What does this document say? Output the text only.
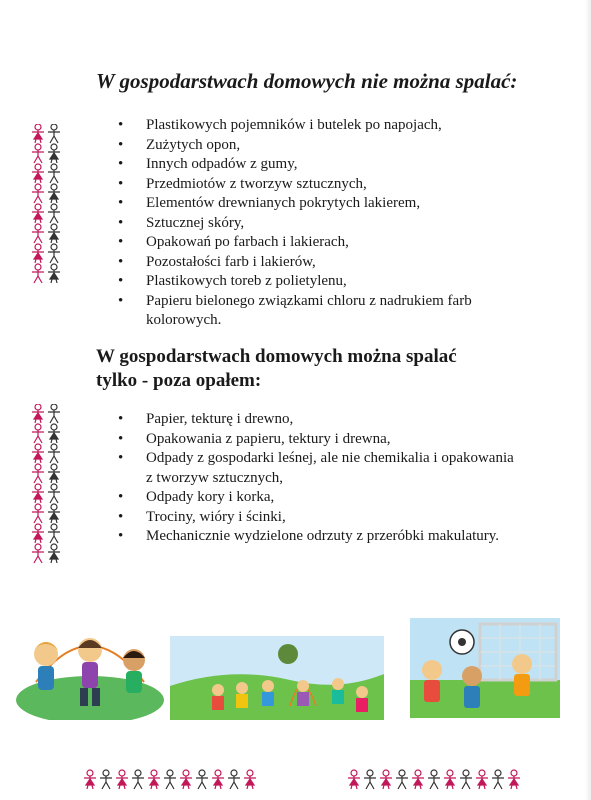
W gospodarstwach domowych nie można spalać:
• Plastikowych pojemników i butelek po napojach,
• Zużytych opon,
• Innych odpadów z gumy,
• Przedmiotów z tworzyw sztucznych,
• Elementów drewnianych pokrytych lakierem,
• Sztucznej skóry,
• Opakowań po farbach i lakierach,
• Pozostałości farb i lakierów,
• Plastikowych toreb z polietylenu,
• Papieru bielonego związkami chloru z nadrukiem farb kolorowych.
W gospodarstwach domowych można spalać
tylko - poza opałem:
• Papier, tekturę i drewno,
• Opakowania z papieru, tektury i drewna,
• Odpady z gospodarki leśnej, ale nie chemikalia i opakowania z tworzyw sztucznych,
• Odpady kory i korka,
• Trociny, wióry i ścinki,
• Mechanicznie wydzielone odrzuty z przeróbki makulatury.
